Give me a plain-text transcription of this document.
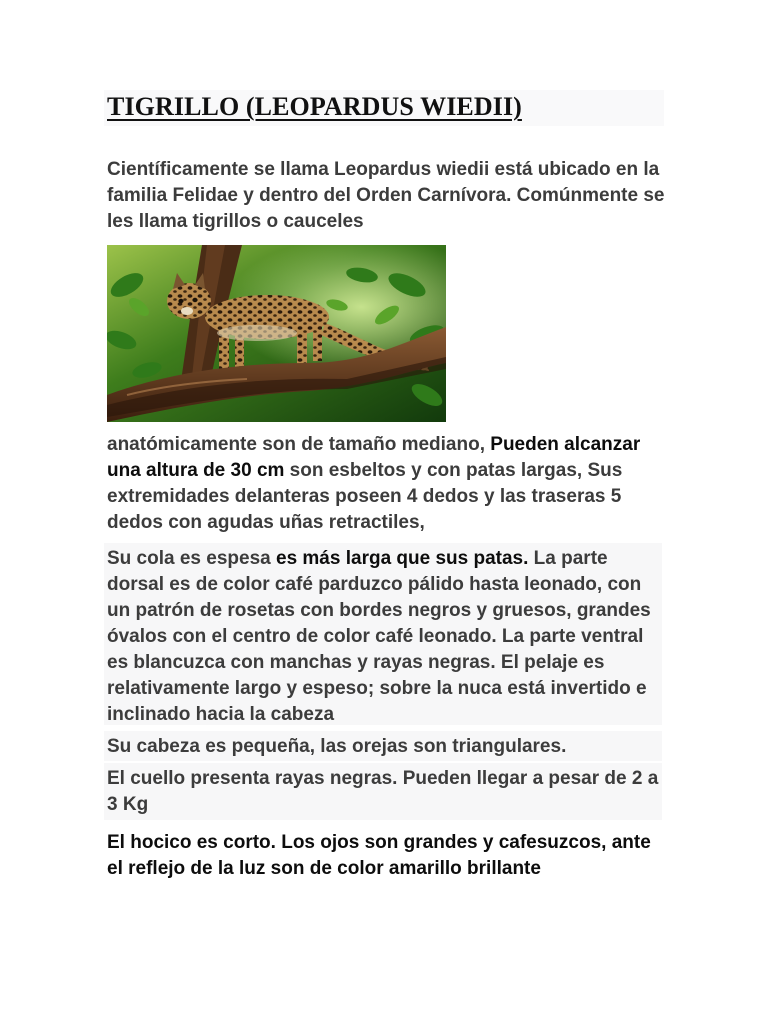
TIGRILLO (LEOPARDUS WIEDII)

Científicamente se llama Leopardus wiedii está ubicado en la familia Felidae y dentro del Orden Carnívora. Comúnmente se les llama tigrillos o cauceles

anatómicamente son de tamaño mediano, Pueden alcanzar una altura de 30 cm son esbeltos y con patas largas, Sus extremidades delanteras poseen 4 dedos y las traseras 5 dedos con agudas uñas retractiles,

Su cola es espesa es más larga que sus patas. La parte dorsal es de color café parduzco pálido hasta leonado, con un patrón de rosetas con bordes negros y gruesos, grandes óvalos con el centro de color café leonado. La parte ventral es blancuzca con manchas y rayas negras. El pelaje es relativamente largo y espeso; sobre la nuca está invertido e inclinado hacia la cabeza

Su cabeza es pequeña, las orejas son triangulares.

El cuello presenta rayas negras. Pueden llegar a pesar de 2 a 3 Kg

El hocico es corto. Los ojos son grandes y cafesuzcos, ante el reflejo de la luz son de color amarillo brillante
